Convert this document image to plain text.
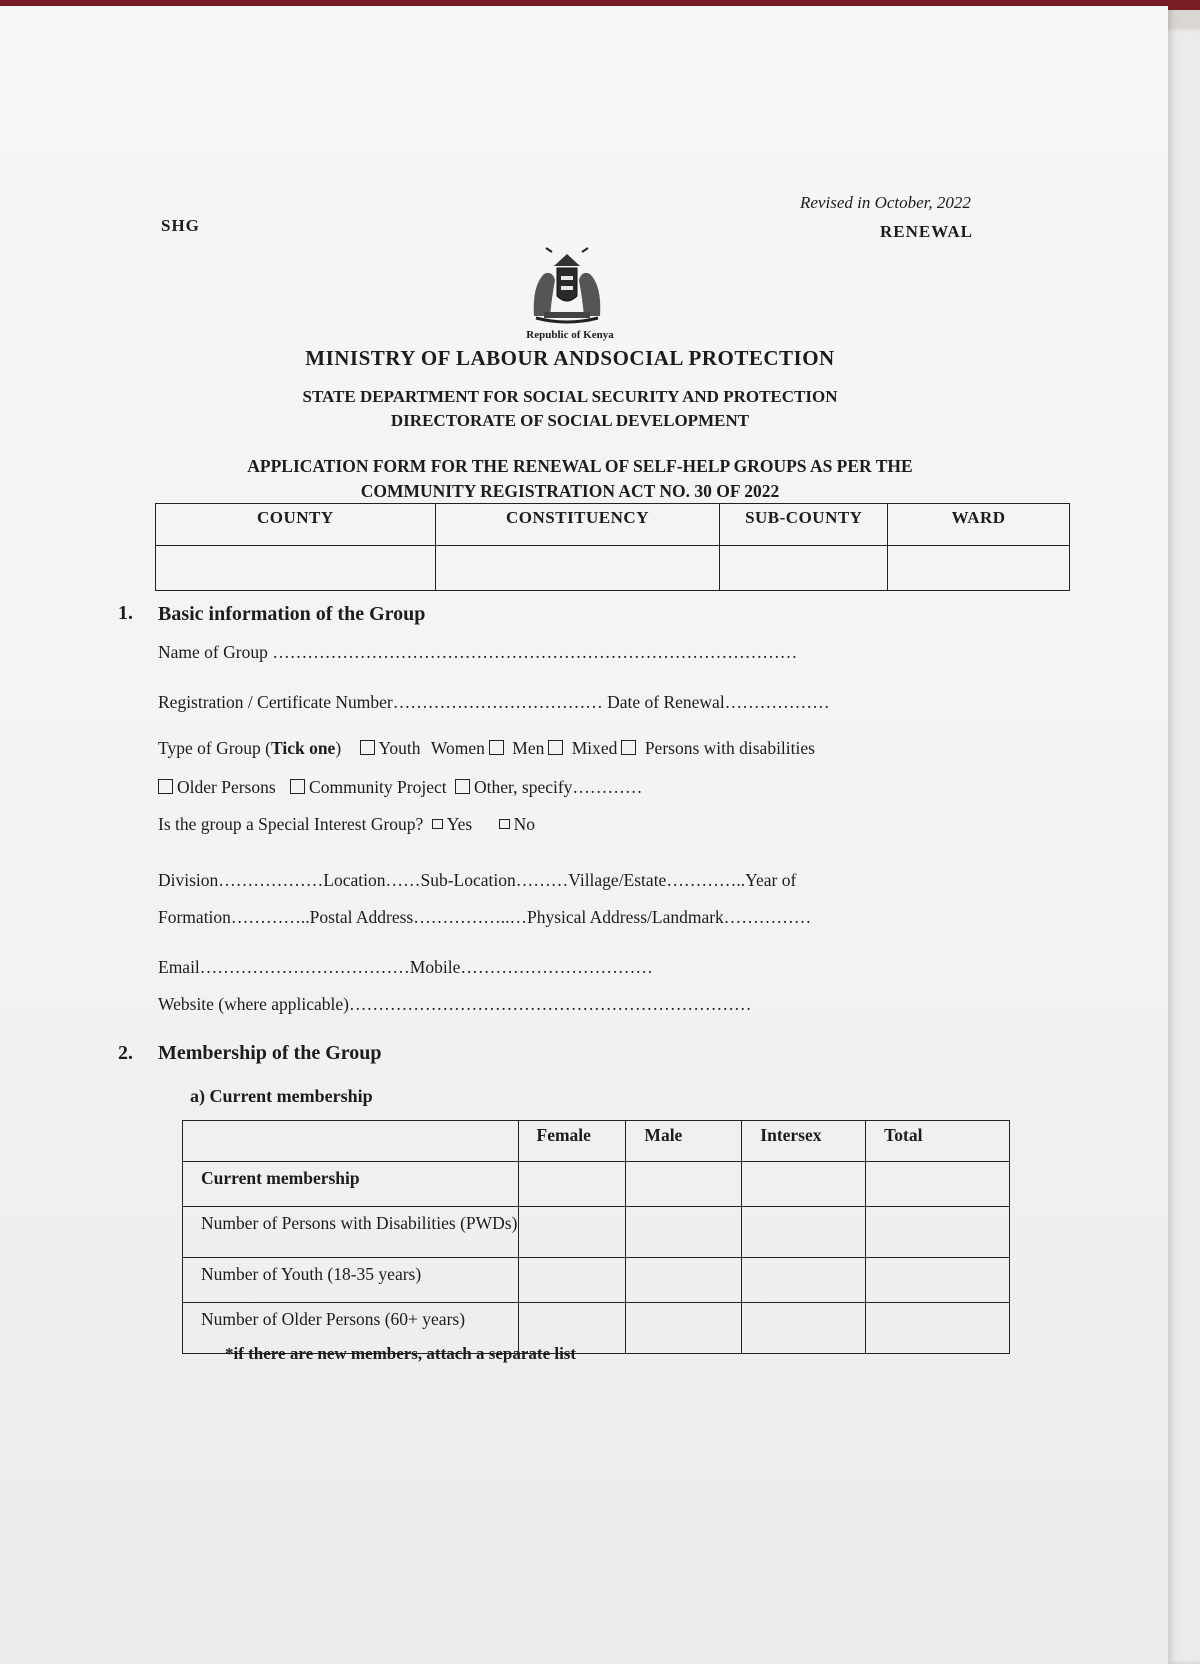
SHG
Revised in October, 2022
RENEWAL
Republic of Kenya
MINISTRY OF LABOUR ANDSOCIAL PROTECTION
STATE DEPARTMENT FOR SOCIAL SECURITY AND PROTECTION
DIRECTORATE OF SOCIAL DEVELOPMENT
APPLICATION FORM FOR THE RENEWAL OF SELF-HELP GROUPS AS PER THE
COMMUNITY REGISTRATION ACT NO. 30 OF 2022
COUNTY	CONSTITUENCY	SUB-COUNTY	WARD

1. Basic information of the Group
Name of Group ………………………………………………………………………………
Registration / Certificate Number……………………………… Date of Renewal………………
Type of Group (Tick one) Youth Women Men Mixed Persons with disabilities
Older Persons Community Project Other, specify…………
Is the group a Special Interest Group? Yes No
Division………………Location……Sub-Location………Village/Estate…………..Year of
Formation…………..Postal Address……………..…Physical Address/Landmark……………
Email………………………………Mobile……………………………
Website (where applicable)……………………………………………………………
2. Membership of the Group
a) Current membership
	Female	Male	Intersex	Total
Current membership				
Number of Persons with Disabilities (PWDs)				
Number of Youth (18-35 years)				
Number of Older Persons (60+ years)				
*if there are new members, attach a separate list
